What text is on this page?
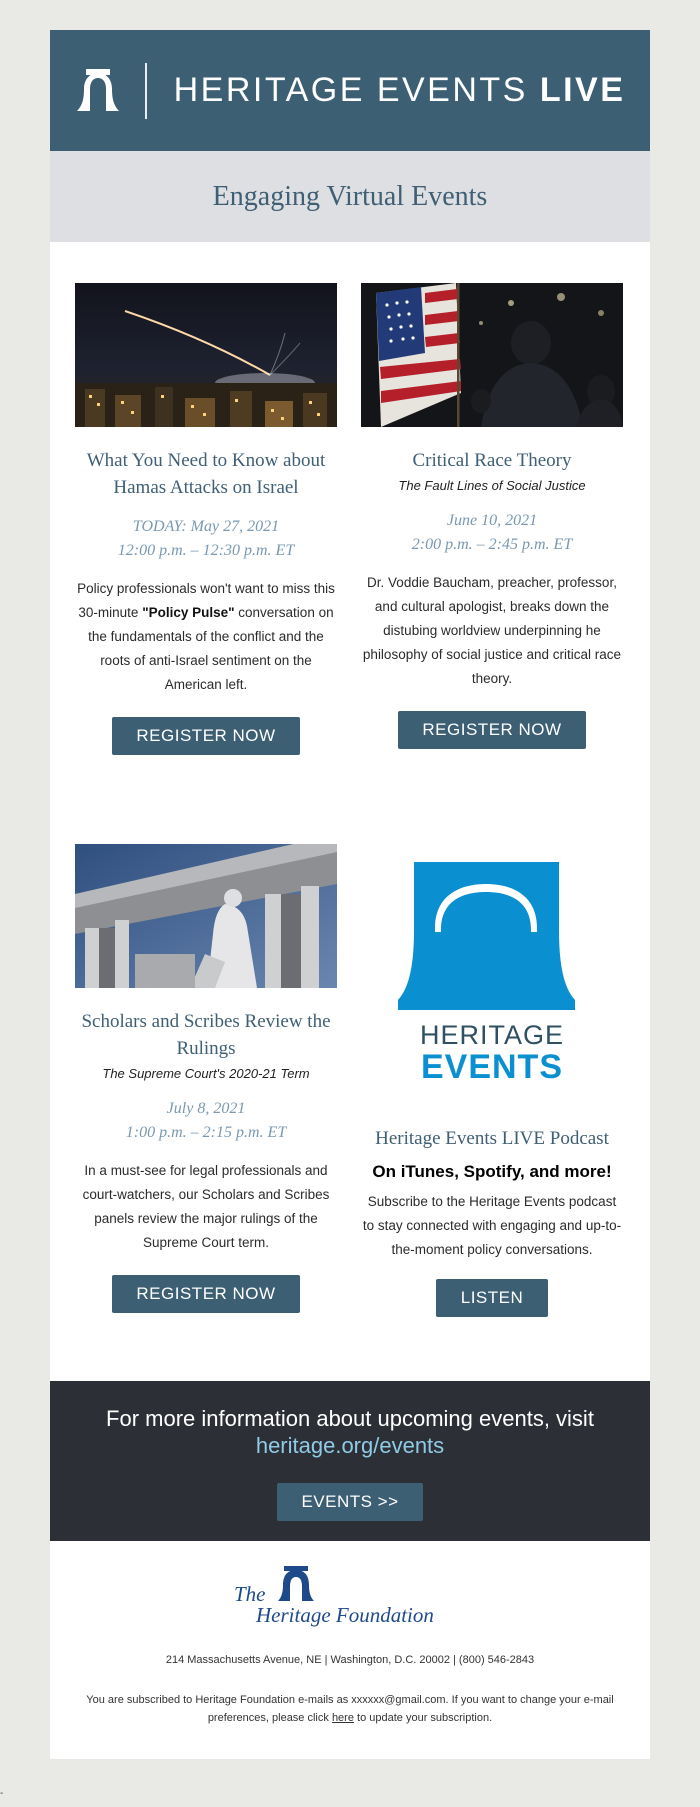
HERITAGE EVENTS LIVE
Engaging Virtual Events

What You Need to Know about Hamas Attacks on Israel

TODAY: May 27, 2021
12:00 p.m. – 12:30 p.m. ET

Policy professionals won't want to miss this 30-minute "Policy Pulse" conversation on the fundamentals of the conflict and the roots of anti-Israel sentiment on the American left.

REGISTER NOW

Critical Race Theory

The Fault Lines of Social Justice

June 10, 2021
2:00 p.m. – 2:45 p.m. ET

Dr. Voddie Baucham, preacher, professor, and cultural apologist, breaks down the distubing worldview underpinning he philosophy of social justice and critical race theory.

REGISTER NOW

Scholars and Scribes Review the Rulings

The Supreme Court's 2020-21 Term

July 8, 2021
1:00 p.m. – 2:15 p.m. ET

In a must-see for legal professionals and court-watchers, our Scholars and Scribes panels review the major rulings of the Supreme Court term.

REGISTER NOW
HERITAGE
EVENTS

Heritage Events LIVE Podcast

On iTunes, Spotify, and more!

Subscribe to the Heritage Events podcast to stay connected with engaging and up-to-the-moment policy conversations.

LISTEN
For more information about upcoming events, visit
heritage.org/events
EVENTS >>
The
Heritage Foundation
214 Massachusetts Avenue, NE | Washington, D.C. 20002 | (800) 546-2843
You are subscribed to Heritage Foundation e-mails as xxxxxx@gmail.com. If you want to change your e-mail preferences, please click here to update your subscription.
-
